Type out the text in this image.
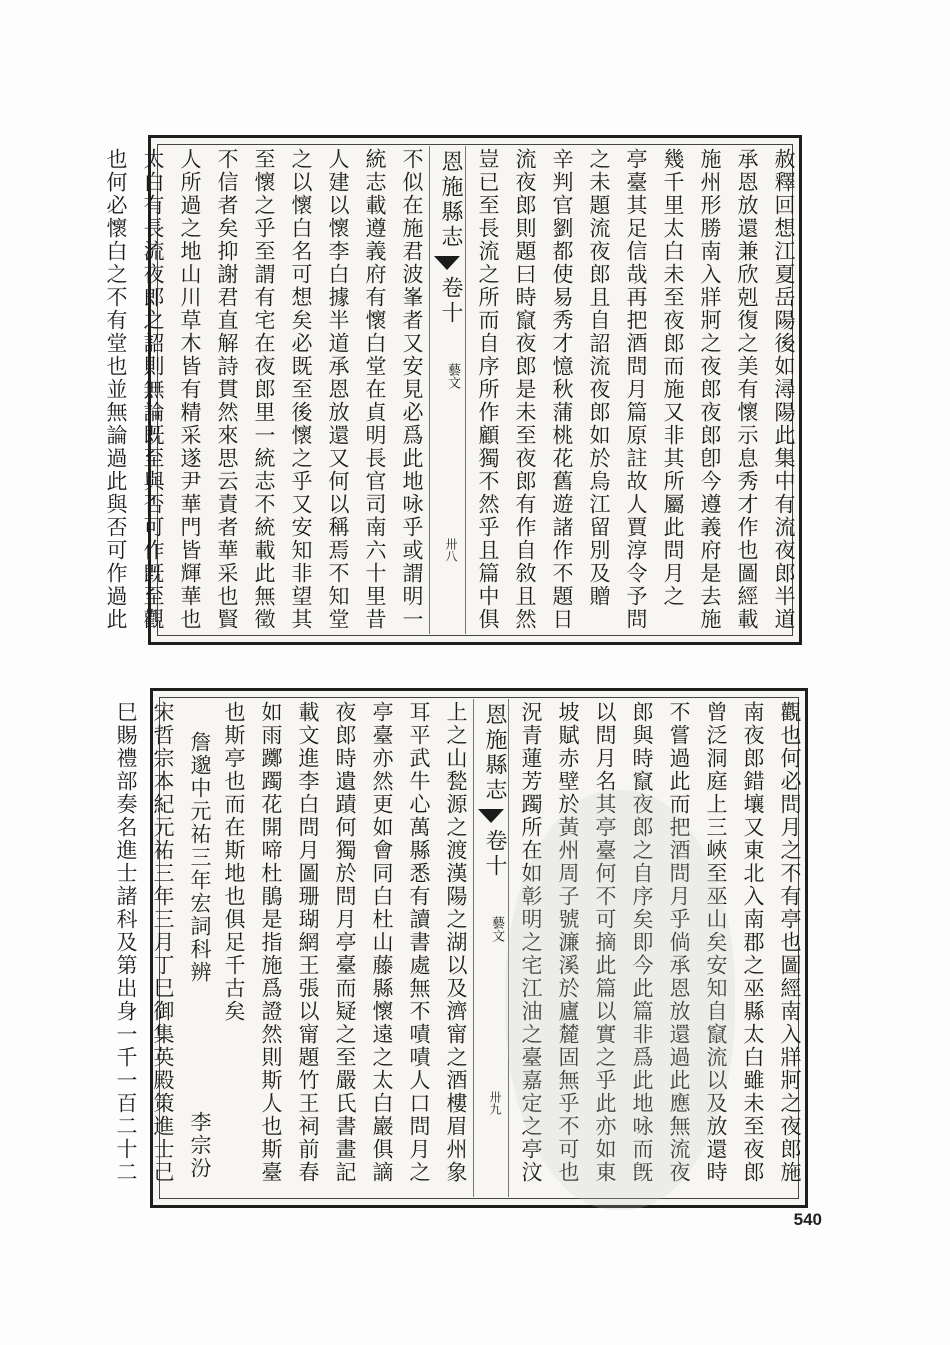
赦釋回想江夏岳陽後如潯陽此集中有流夜郎半道
承恩放還兼欣剋復之美有懷示息秀才作也圖經載
施州形勝南入牂牁之夜郎夜郎卽今遵義府是去施
幾千里太白未至夜郎而施又非其所屬此問月之
亭臺其足信哉再把酒問月篇原註故人賈淳令予問
之未題流夜郎且自詔流夜郎如於烏江留別及贈
辛判官劉都使易秀才憶秋蒲桃花舊遊諸作不題日
流夜郎則題曰時竄夜郎是未至夜郎有作自敘且然
豈已至長流之所而自序所作顧獨不然乎且篇中俱
恩施縣志
卷十
藝文
卅八
不似在施君波峯者又安見必爲此地咏乎或謂明一
統志載遵義府有懷白堂在貞明長官司南六十里昔
人建以懷李白據半道承恩放還又何以稱焉不知堂
之以懷白名可想矣必既至後懷之乎又安知非望其
至懷之乎至謂有宅在夜郎里一統志不統載此無徵
不信者矣抑謝君直解詩貫然來思云責者華采也賢
人所過之地山川草木皆有精采遂尹華門皆輝華也
太白有長流夜郎之詔則無論既至與否可作旣至觀
也何必懷白之不有堂也並無論過此與否可作過此
觀也何必問月之不有亭也圖經南入牂牁之夜郎施
南夜郎錯壤又東北入南郡之巫縣太白雖未至夜郎
曾泛洞庭上三峽至巫山矣安知自竄流以及放還時
不嘗過此而把酒問月乎倘承恩放還過此應無流夜
郎與時竄夜郎之自序矣即今此篇非爲此地咏而旣
以問月名其亭臺何不可摘此篇以實之乎此亦如東
坡賦赤壁於黃州周子號濂溪於廬麓固無乎不可也
況青蓮芳躅所在如彰明之宅江油之臺嘉定之亭汶
恩施縣志
卷十
藝文
卅九
上之山甃源之渡漢陽之湖以及濟甯之酒樓眉州象
耳平武牛心萬縣悉有讀書處無不嘖嘖人口問月之
亭臺亦然更如會同白杜山藤縣懷遠之太白巖俱謫
夜郎時遺蹟何獨於問月亭臺而疑之至嚴氏書畫記
載文進李白問月圖珊瑚網王張以甯題竹王祠前春
如雨躑躅花開啼杜鵑是指施爲證然則斯人也斯臺
也斯亭也而在斯地也俱足千古矣
詹邈中元祐三年宏詞科辨
李宗汾
宋哲宗本紀元祐三年三月丁巳御集英殿策進士己
巳賜禮部奏名進士諸科及第出身一千一百二十二
540
